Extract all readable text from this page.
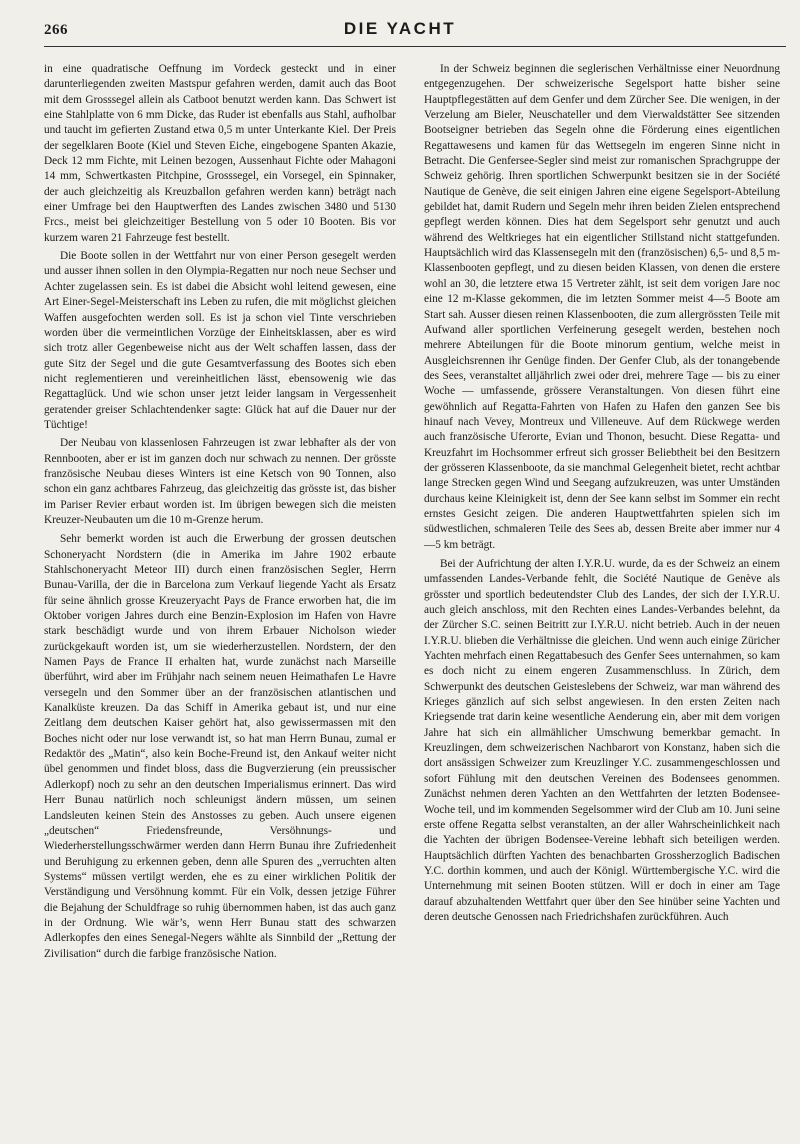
266	DIE YACHT

in eine quadratische Oeffnung im Vordeck gesteckt und in einer darunterliegenden zweiten Mastspur gefahren werden, damit auch das Boot mit dem Grosssegel allein als Catboot benutzt werden kann. Das Schwert ist eine Stahlplatte von 6 mm Dicke, das Ruder ist ebenfalls aus Stahl, aufholbar und taucht im gefierten Zustand etwa 0,5 m unter Unterkante Kiel. Der Preis der segelklaren Boote (Kiel und Steven Eiche, eingebogene Spanten Akazie, Deck 12 mm Fichte, mit Leinen bezogen, Aussenhaut Fichte oder Mahagoni 14 mm, Schwertkasten Pitchpine, Grosssegel, ein Vorsegel, ein Spinnaker, der auch gleichzeitig als Kreuzballon gefahren werden kann) beträgt nach einer Umfrage bei den Hauptwerften des Landes zwischen 3480 und 5130 Frcs., meist bei gleichzeitiger Bestellung von 5 oder 10 Booten. Bis vor kurzem waren 21 Fahrzeuge fest bestellt.

Die Boote sollen in der Wettfahrt nur von einer Person gesegelt werden und ausser ihnen sollen in den Olympia-Regatten nur noch neue Sechser und Achter zugelassen sein. Es ist dabei die Absicht wohl leitend gewesen, eine Art Einer-Segel-Meisterschaft ins Leben zu rufen, die mit möglichst gleichen Waffen ausgefochten werden soll. Es ist ja schon viel Tinte verschrieben worden über die vermeintlichen Vorzüge der Einheitsklassen, aber es wird sich trotz aller Gegenbeweise nicht aus der Welt schaffen lassen, dass der gute Sitz der Segel und die gute Gesamtverfassung des Bootes sich eben nicht reglementieren und vereinheitlichen lässt, ebensowenig wie das Regattaglück. Und wie schon unser jetzt leider langsam in Vergessenheit geratender greiser Schlachtendenker sagte: Glück hat auf die Dauer nur der Tüchtige!

Der Neubau von klassenlosen Fahrzeugen ist zwar lebhafter als der von Rennbooten, aber er ist im ganzen doch nur schwach zu nennen. Der grösste französische Neubau dieses Winters ist eine Ketsch von 90 Tonnen, also schon ein ganz achtbares Fahrzeug, das gleichzeitig das grösste ist, das bisher im Pariser Revier erbaut worden ist. Im übrigen bewegen sich die meisten Kreuzer-Neubauten um die 10 m-Grenze herum.

Sehr bemerkt worden ist auch die Erwerbung der grossen deutschen Schoneryacht Nordstern (die in Amerika im Jahre 1902 erbaute Stahlschoneryacht Meteor III) durch einen französischen Segler, Herrn Bunau-Varilla, der die in Barcelona zum Verkauf liegende Yacht als Ersatz für seine ähnlich grosse Kreuzeryacht Pays de France erworben hat, die im Oktober vorigen Jahres durch eine Benzin-Explosion im Hafen von Havre stark beschädigt wurde und von ihrem Erbauer Nicholson wieder zurückgekauft worden ist, um sie wiederherzustellen. Nordstern, der den Namen Pays de France II erhalten hat, wurde zunächst nach Marseille überführt, wird aber im Frühjahr nach seinem neuen Heimathafen Le Havre versegeln und den Sommer über an der französischen atlantischen und Kanalküste kreuzen. Da das Schiff in Amerika gebaut ist, und nur eine Zeitlang dem deutschen Kaiser gehört hat, also gewissermassen mit den Boches nicht oder nur lose verwandt ist, so hat man Herrn Bunau, zumal er Redaktör des „Matin“, also kein Boche-Freund ist, den Ankauf weiter nicht übel genommen und findet bloss, dass die Bugverzierung (ein preussischer Adlerkopf) noch zu sehr an den deutschen Imperialismus erinnert. Das wird Herr Bunau natürlich noch schleunigst ändern müssen, um seinen Landsleuten keinen Stein des Anstosses zu geben. Auch unsere eigenen „deutschen“ Friedensfreunde, Versöhnungs- und Wiederherstellungsschwärmer werden dann Herrn Bunau ihre Zufriedenheit und Beruhigung zu erkennen geben, denn alle Spuren des „verruchten alten Systems“ müssen vertilgt werden, ehe es zu einer wirklichen Politik der Verständigung und Versöhnung kommt. Für ein Volk, dessen jetzige Führer die Bejahung der Schuldfrage so ruhig übernommen haben, ist das auch ganz in der Ordnung. Wie wär’s, wenn Herr Bunau statt des schwarzen Adlerkopfes den eines Senegal-Negers wählte als Sinnbild der „Rettung der Zivilisation“ durch die farbige französische Nation.

In der Schweiz beginnen die seglerischen Verhältnisse einer Neuordnung entgegenzugehen. Der schweizerische Segelsport hatte bisher seine Hauptpflegestätten auf dem Genfer und dem Zürcher See. Die wenigen, in der Verzelung am Bieler, Neuschateller und dem Vierwaldstätter See sitzenden Bootseigner betrieben das Segeln ohne die Förderung eines eigentlichen Regattawesens und kamen für das Wettsegeln im engeren Sinne nicht in Betracht. Die Genfersee-Segler sind meist zur romanischen Sprachgruppe der Schweiz gehörig. Ihren sportlichen Schwerpunkt besitzen sie in der Société Nautique de Genève, die seit einigen Jahren eine eigene Segelsport-Abteilung gebildet hat, damit Rudern und Segeln mehr ihren beiden Zielen entsprechend gepflegt werden können. Dies hat dem Segelsport sehr genutzt und auch während des Weltkrieges hat ein eigentlicher Stillstand nicht stattgefunden. Hauptsächlich wird das Klassensegeln mit den (französischen) 6,5- und 8,5 m-Klassenbooten gepflegt, und zu diesen beiden Klassen, von denen die erstere wohl an 30, die letztere etwa 15 Vertreter zählt, ist seit dem vorigen Jare noc eine 12 m-Klasse gekommen, die im letzten Sommer meist 4—5 Boote am Start sah. Ausser diesen reinen Klassenbooten, die zum allergrössten Teile mit Aufwand aller sportlichen Verfeinerung gesegelt werden, bestehen noch mehrere Abteilungen für die Boote minorum gentium, welche meist in Ausgleichsrennen ihr Genüge finden. Der Genfer Club, als der tonangebende des Sees, veranstaltet alljährlich zwei oder drei, mehrere Tage — bis zu einer Woche — umfassende, grössere Veranstaltungen. Von diesen führt eine gewöhnlich auf Regatta-Fahrten von Hafen zu Hafen den ganzen See bis hinauf nach Vevey, Montreux und Villeneuve. Auf dem Rückwege werden auch französische Uferorte, Evian und Thonon, besucht. Diese Regatta- und Kreuzfahrt im Hochsommer erfreut sich grosser Beliebtheit bei den Besitzern der grösseren Klassenboote, da sie manchmal Gelegenheit bietet, recht achtbar lange Strecken gegen Wind und Seegang aufzukreuzen, was unter Umständen durchaus keine Kleinigkeit ist, denn der See kann selbst im Sommer ein recht ernstes Gesicht zeigen. Die anderen Hauptwettfahrten spielen sich im südwestlichen, schmaleren Teile des Sees ab, dessen Breite aber immer nur 4—5 km beträgt.

Bei der Aufrichtung der alten I.Y.R.U. wurde, da es der Schweiz an einem umfassenden Landes-Verbande fehlt, die Société Nautique de Genève als grösster und sportlich bedeutendster Club des Landes, der sich der I.Y.R.U. auch gleich anschloss, mit den Rechten eines Landes-Verbandes belehnt, da der Zürcher S.C. seinen Beitritt zur I.Y.R.U. nicht betrieb. Auch in der neuen I.Y.R.U. blieben die Verhältnisse die gleichen. Und wenn auch einige Züricher Yachten mehrfach einen Regattabesuch des Genfer Sees unternahmen, so kam es doch nicht zu einem engeren Zusammenschluss. In Zürich, dem Schwerpunkt des deutschen Geisteslebens der Schweiz, war man während des Krieges gänzlich auf sich selbst angewiesen. In den ersten Zeiten nach Kriegsende trat darin keine wesentliche Aenderung ein, aber mit dem vorigen Jahre hat sich ein allmählicher Umschwung bemerkbar gemacht. In Kreuzlingen, dem schweizerischen Nachbarort von Konstanz, haben sich die dort ansässigen Schweizer zum Kreuzlinger Y.C. zusammengeschlossen und sofort Fühlung mit den deutschen Vereinen des Bodensees genommen. Zunächst nehmen deren Yachten an den Wettfahrten der letzten Bodensee-Woche teil, und im kommenden Segelsommer wird der Club am 10. Juni seine erste offene Regatta selbst veranstalten, an der aller Wahrscheinlichkeit nach die Yachten der übrigen Bodensee-Vereine lebhaft sich beteiligen werden. Hauptsächlich dürften Yachten des benachbarten Grossherzoglich Badischen Y.C. dorthin kommen, und auch der Königl. Württembergische Y.C. wird die Unternehmung mit seinen Booten stützen. Will er doch in einer am Tage darauf abzuhaltenden Wettfahrt quer über den See hinüber seine Yachten und deren deutsche Genossen nach Friedrichshafen zurückführen. Auch
